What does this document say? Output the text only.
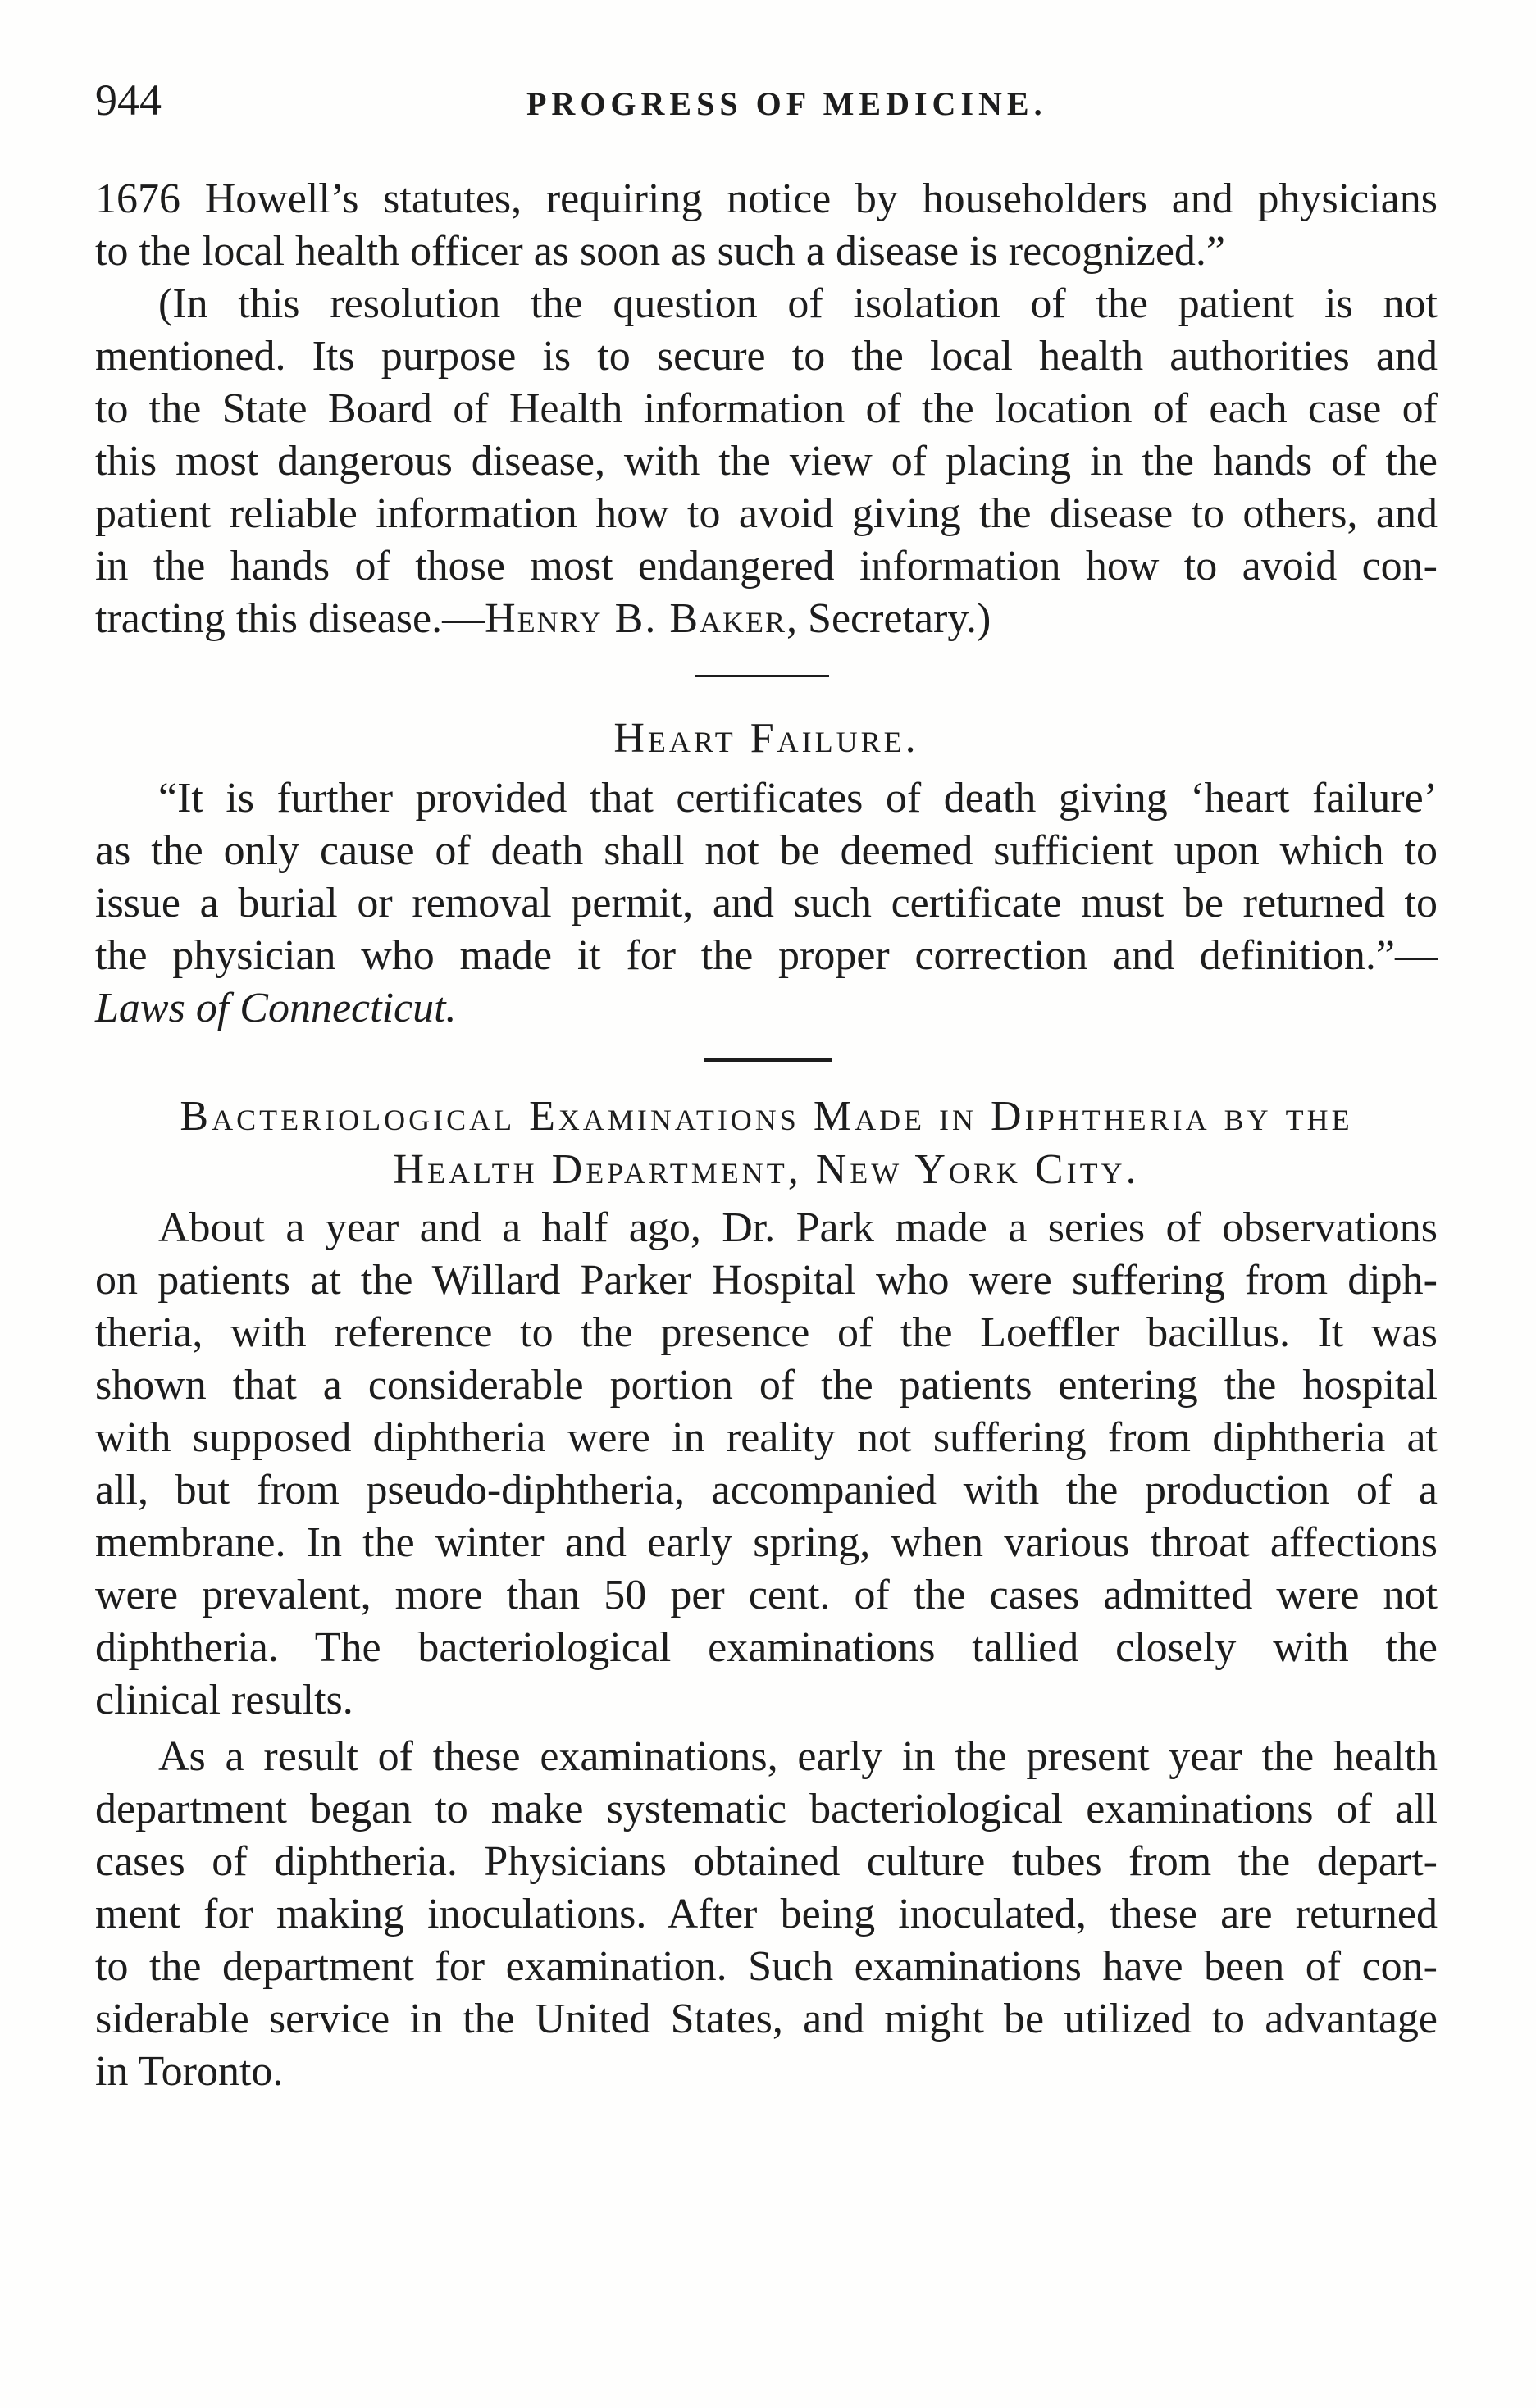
944	PROGRESS OF MEDICINE.
1676 Howell’s statutes, requiring notice by householders and physicians
to the local health officer as soon as such a disease is recognized.”
(In this resolution the question of isolation of the patient is not
mentioned. Its purpose is to secure to the local health authorities and
to the State Board of Health information of the location of each case of
this most dangerous disease, with the view of placing in the hands of the
patient reliable information how to avoid giving the disease to others, and
in the hands of those most endangered information how to avoid con-
tracting this disease.—Henry B. Baker, Secretary.)
Heart Failure.
“It is further provided that certificates of death giving ‘heart failure’
as the only cause of death shall not be deemed sufficient upon which to
issue a burial or removal permit, and such certificate must be returned to
the physician who made it for the proper correction and definition.”—
Laws of Connecticut.
Bacteriological Examinations Made in Diphtheria by the
Health Department, New York City.
About a year and a half ago, Dr. Park made a series of observations
on patients at the Willard Parker Hospital who were suffering from diph-
theria, with reference to the presence of the Loeffler bacillus. It was
shown that a considerable portion of the patients entering the hospital
with supposed diphtheria were in reality not suffering from diphtheria at
all, but from pseudo-diphtheria, accompanied with the production of a
membrane. In the winter and early spring, when various throat affections
were prevalent, more than 50 per cent. of the cases admitted were not
diphtheria. The bacteriological examinations tallied closely with the
clinical results.
As a result of these examinations, early in the present year the health
department began to make systematic bacteriological examinations of all
cases of diphtheria. Physicians obtained culture tubes from the depart-
ment for making inoculations. After being inoculated, these are returned
to the department for examination. Such examinations have been of con-
siderable service in the United States, and might be utilized to advantage
in Toronto.
